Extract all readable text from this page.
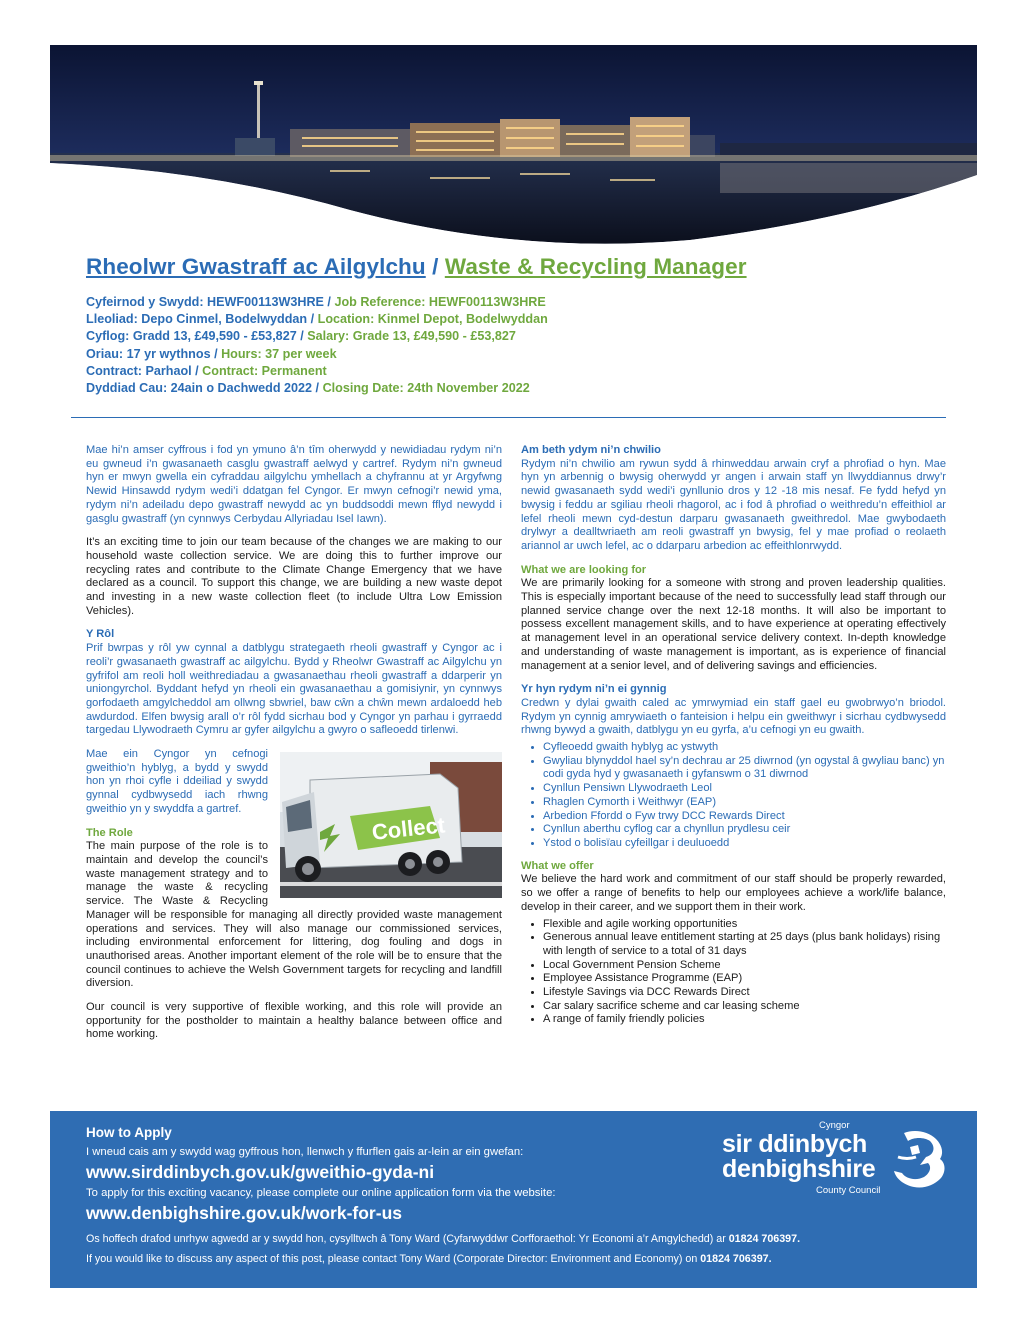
Rheolwr Gwastraff ac Ailgylchu / Waste & Recycling Manager
Cyfeirnod y Swydd: HEWF00113W3HRE / Job Reference: HEWF00113W3HRE
Lleoliad: Depo Cinmel, Bodelwyddan / Location: Kinmel Depot, Bodelwyddan
Cyflog: Gradd 13, £49,590 - £53,827 / Salary: Grade 13, £49,590 - £53,827
Oriau: 17 yr wythnos / Hours: 37 per week
Contract: Parhaol / Contract: Permanent
Dyddiad Cau: 24ain o Dachwedd 2022 / Closing Date: 24th November 2022

Mae hi’n amser cyffrous i fod yn ymuno â’n tîm oherwydd y newidiadau rydym ni’n eu gwneud i’n gwasanaeth casglu gwastraff aelwyd y cartref. Rydym ni’n gwneud hyn er mwyn gwella ein cyfraddau ailgylchu ymhellach a chyfrannu at yr Argyfwng Newid Hinsawdd rydym wedi’i ddatgan fel Cyngor. Er mwyn cefnogi’r newid yma, rydym ni’n adeiladu depo gwastraff newydd ac yn buddsoddi mewn fflyd newydd i gasglu gwastraff (yn cynnwys Cerbydau Allyriadau Isel Iawn).

It’s an exciting time to join our team because of the changes we are making to our household waste collection service. We are doing this to further improve our recycling rates and contribute to the Climate Change Emergency that we have declared as a council. To support this change, we are building a new waste depot and investing in a new waste collection fleet (to include Ultra Low Emission Vehicles).

Y Rôl

Prif bwrpas y rôl yw cynnal a datblygu strategaeth rheoli gwastraff y Cyngor ac i reoli’r gwasanaeth gwastraff ac ailgylchu. Bydd y Rheolwr Gwastraff ac Ailgylchu yn gyfrifol am reoli holl weithrediadau a gwasanaethau rheoli gwastraff a ddarperir yn uniongyrchol. Byddant hefyd yn rheoli ein gwasanaethau a gomisiynir, yn cynnwys gorfodaeth amgylcheddol am ollwng sbwriel, baw cŵn a chŵn mewn ardaloedd heb awdurdod. Elfen bwysig arall o’r rôl fydd sicrhau bod y Cyngor yn parhau i gyrraedd targedau Llywodraeth Cymru ar gyfer ailgylchu a gwyro o safleoedd tirlenwi.

Collect

Mae ein Cyngor yn cefnogi gweithio’n hyblyg, a bydd y swydd hon yn rhoi cyfle i ddeiliad y swydd gynnal cydbwysedd iach rhwng gweithio yn y swyddfa a gartref.

The Role

The main purpose of the role is to maintain and develop the council’s waste management strategy and to manage the waste & recycling service. The Waste & Recycling Manager will be responsible for managing all directly provided waste management operations and services. They will also manage our commissioned services, including environmental enforcement for littering, dog fouling and dogs in unauthorised areas. Another important element of the role will be to ensure that the council continues to achieve the Welsh Government targets for recycling and landfill diversion.

Our council is very supportive of flexible working, and this role will provide an opportunity for the postholder to maintain a healthy balance between office and home working.

Am beth ydym ni’n chwilio

Rydym ni’n chwilio am rywun sydd â rhinweddau arwain cryf a phrofiad o hyn. Mae hyn yn arbennig o bwysig oherwydd yr angen i arwain staff yn llwyddiannus drwy’r newid gwasanaeth sydd wedi’i gynllunio dros y 12 -18 mis nesaf. Fe fydd hefyd yn bwysig i feddu ar sgiliau rheoli rhagorol, ac i fod â phrofiad o weithredu’n effeithiol ar lefel rheoli mewn cyd-destun darparu gwasanaeth gweithredol. Mae gwybodaeth drylwyr a dealltwriaeth am reoli gwastraff yn bwysig, fel y mae profiad o reolaeth ariannol ar uwch lefel, ac o ddarparu arbedion ac effeithlonrwydd.

What we are looking for

We are primarily looking for a someone with strong and proven leadership qualities. This is especially important because of the need to successfully lead staff through our planned service change over the next 12-18 months. It will also be important to possess excellent management skills, and to have experience at operating effectively at management level in an operational service delivery context. In-depth knowledge and understanding of waste management is important, as is experience of financial management at a senior level, and of delivering savings and efficiencies.

Yr hyn rydym ni’n ei gynnig

Credwn y dylai gwaith caled ac ymrwymiad ein staff gael eu gwobrwyo’n briodol. Rydym yn cynnig amrywiaeth o fanteision i helpu ein gweithwyr i sicrhau cydbwysedd rhwng bywyd a gwaith, datblygu yn eu gyrfa, a’u cefnogi yn eu gwaith.

• Cyfleoedd gwaith hyblyg ac ystwyth
• Gwyliau blynyddol hael sy’n dechrau ar 25 diwrnod (yn ogystal â gwyliau banc) yn codi gyda hyd y gwasanaeth i gyfanswm o 31 diwrnod
• Cynllun Pensiwn Llywodraeth Leol
• Rhaglen Cymorth i Weithwyr (EAP)
• Arbedion Ffordd o Fyw trwy DCC Rewards Direct
• Cynllun aberthu cyflog car a chynllun prydlesu ceir
• Ystod o bolisïau cyfeillgar i deuluoedd

What we offer

We believe the hard work and commitment of our staff should be properly rewarded, so we offer a range of benefits to help our employees achieve a work/life balance, develop in their career, and we support them in their work.

• Flexible and agile working opportunities
• Generous annual leave entitlement starting at 25 days (plus bank holidays) rising with length of service to a total of 31 days
• Local Government Pension Scheme
• Employee Assistance Programme (EAP)
• Lifestyle Savings via DCC Rewards Direct
• Car salary sacrifice scheme and car leasing scheme
• A range of family friendly policies
How to Apply
I wneud cais am y swydd wag gyffrous hon, llenwch y ffurflen gais ar-lein ar ein gwefan:
www.sirddinbych.gov.uk/gweithio-gyda-ni
To apply for this exciting vacancy, please complete our online application form via the website:
www.denbighshire.gov.uk/work-for-us
Os hoffech drafod unrhyw agwedd ar y swydd hon, cysylltwch â Tony Ward (Cyfarwyddwr Corfforaethol: Yr Economi a’r Amgylchedd) ar 01824 706397.
If you would like to discuss any aspect of this post, please contact Tony Ward (Corporate Director: Environment and Economy) on 01824 706397.
Cyngor
sir ddinbych
denbighshire
County Council
